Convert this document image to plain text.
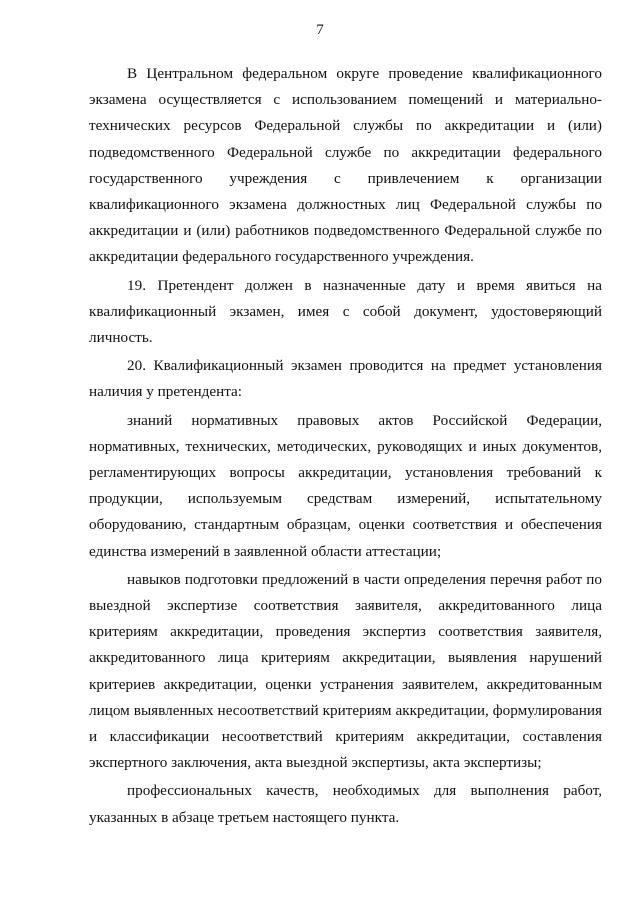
7

В Центральном федеральном округе проведение квалификационного экзамена осуществляется с использованием помещений и материально-технических ресурсов Федеральной службы по аккредитации и (или) подведомственного Федеральной службе по аккредитации федерального государственного учреждения с привлечением к организации квалификационного экзамена должностных лиц Федеральной службы по аккредитации и (или) работников подведомственного Федеральной службе по аккредитации федерального государственного учреждения.

19. Претендент должен в назначенные дату и время явиться на квалификационный экзамен, имея с собой документ, удостоверяющий личность.

20. Квалификационный экзамен проводится на предмет установления наличия у претендента:

знаний нормативных правовых актов Российской Федерации, нормативных, технических, методических, руководящих и иных документов, регламентирующих вопросы аккредитации, установления требований к продукции, используемым средствам измерений, испытательному оборудованию, стандартным образцам, оценки соответствия и обеспечения единства измерений в заявленной области аттестации;

навыков подготовки предложений в части определения перечня работ по выездной экспертизе соответствия заявителя, аккредитованного лица критериям аккредитации, проведения экспертиз соответствия заявителя, аккредитованного лица критериям аккредитации, выявления нарушений критериев аккредитации, оценки устранения заявителем, аккредитованным лицом выявленных несоответствий критериям аккредитации, формулирования и классификации несоответствий критериям аккредитации, составления экспертного заключения, акта выездной экспертизы, акта экспертизы;

профессиональных качеств, необходимых для выполнения работ, указанных в абзаце третьем настоящего пункта.
